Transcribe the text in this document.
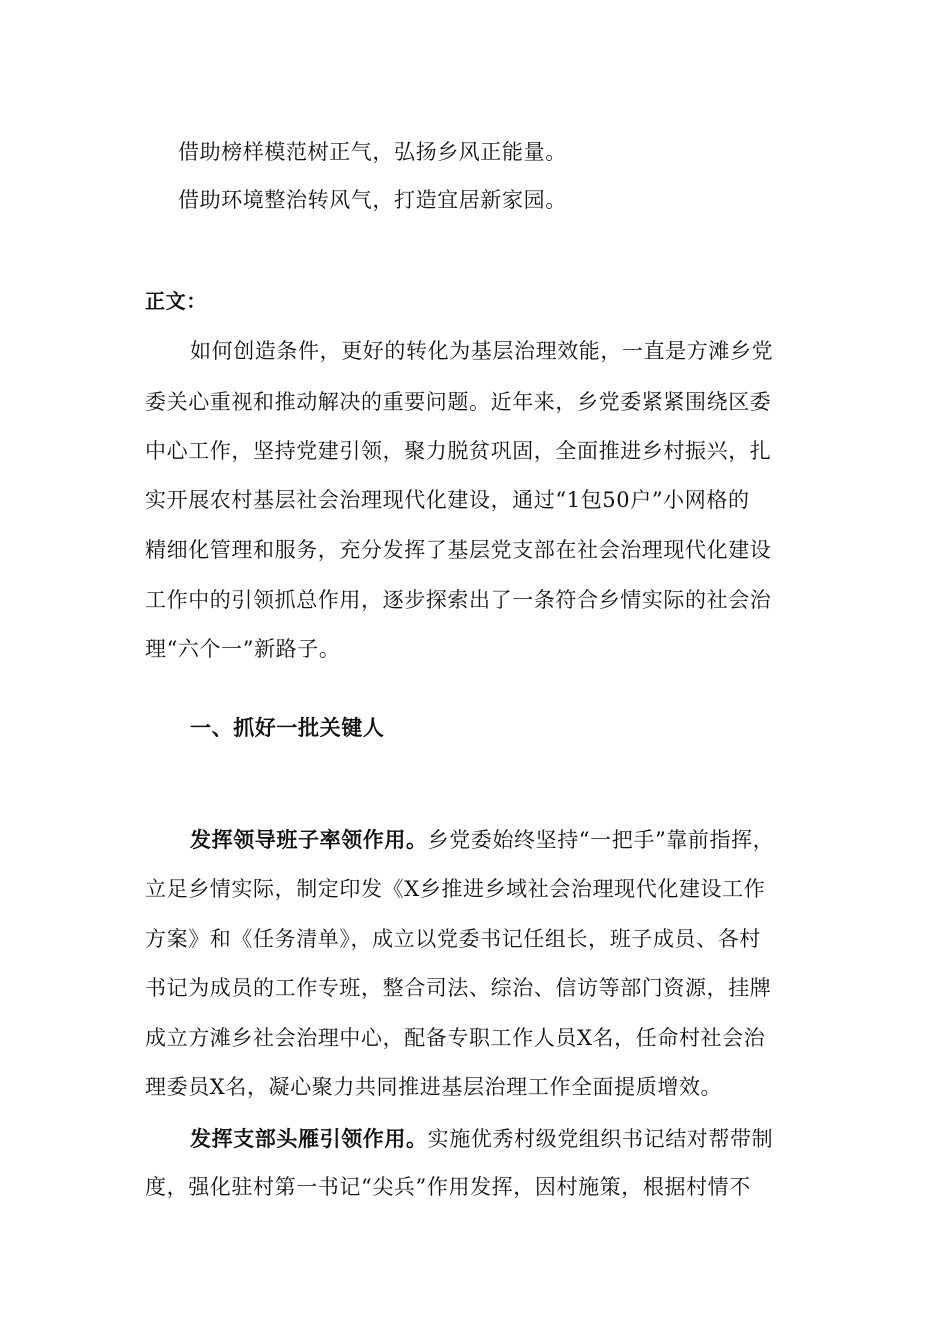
借助榜样模范树正气，弘扬乡风正能量。
借助环境整治转风气，打造宜居新家园。
正文：
如何创造条件，更好的转化为基层治理效能，一直是方滩乡党
委关心重视和推动解决的重要问题。近年来，乡党委紧紧围绕区委
中心工作，坚持党建引领，聚力脱贫巩固，全面推进乡村振兴，扎
实开展农村基层社会治理现代化建设，通过“1包50户”小网格的
精细化管理和服务，充分发挥了基层党支部在社会治理现代化建设
工作中的引领抓总作用，逐步探索出了一条符合乡情实际的社会治
理“六个一”新路子。
一、抓好一批关键人
发挥领导班子率领作用。乡党委始终坚持“一把手”靠前指挥，
立足乡情实际，制定印发《X乡推进乡域社会治理现代化建设工作
方案》和《任务清单》，成立以党委书记任组长，班子成员、各村
书记为成员的工作专班，整合司法、综治、信访等部门资源，挂牌
成立方滩乡社会治理中心，配备专职工作人员X名，任命村社会治
理委员X名，凝心聚力共同推进基层治理工作全面提质增效。
发挥支部头雁引领作用。实施优秀村级党组织书记结对帮带制
度，强化驻村第一书记“尖兵”作用发挥，因村施策，根据村情不
